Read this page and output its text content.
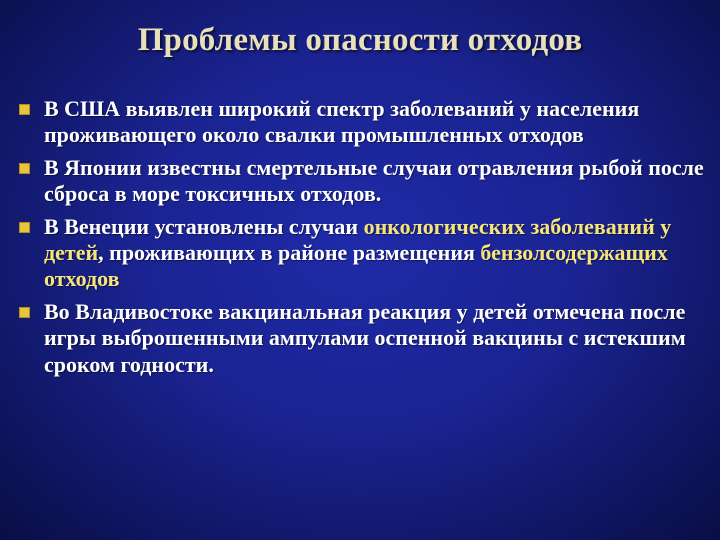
Проблемы опасности отходов
В США выявлен широкий спектр заболеваний у населения проживающего около свалки промышленных отходов
В Японии известны смертельные случаи отравления рыбой после сброса в море токсичных отходов.
В Венеции установлены случаи онкологических заболеваний у детей, проживающих в районе размещения бензолсодержащих отходов
Во Владивостоке вакцинальная реакция у детей отмечена после игры выброшенными ампулами оспенной вакцины с истекшим сроком годности.
